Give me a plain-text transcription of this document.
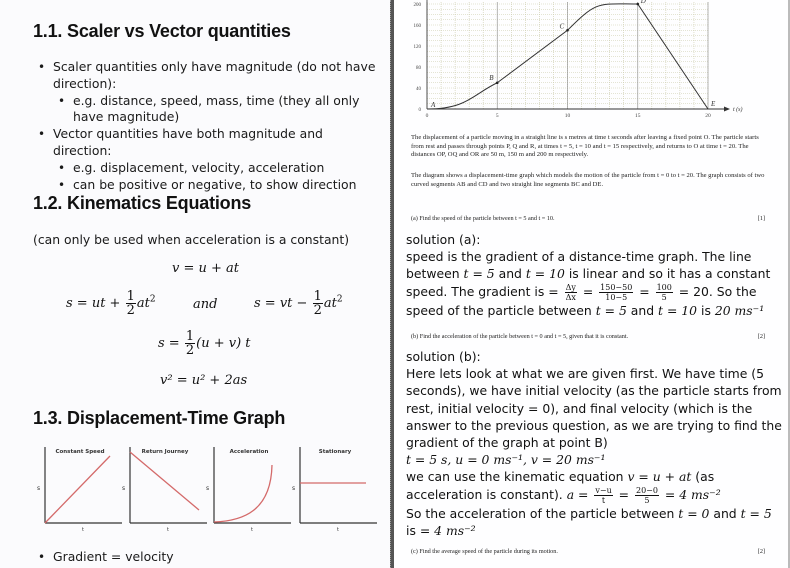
1.1. Scaler vs Vector quantities
• Scaler quantities only have magnitude (do not have direction):
• e.g. distance, speed, mass, time (they all only have magnitude)
• Vector quantities have both magnitude and direction:
• e.g. displacement, velocity, acceleration
• can be positive or negative, to show direction
1.2. Kinematics Equations
(can only be used when acceleration is a constant)
v = u + at
s = ut + $\frac{1}{2} at^2$	and	s = vt − $\frac{1}{2} at^2$
$s = \frac{1}{2} (u + v)$ t
v² = u² + 2as
1.3. Displacement-Time Graph
Constant Speed
s
t
Return Journey
s
t
Acceleration
s
t
Stationary
s
t
• Gradient = velocity
0
40
80
120
160
200
0	5	10	15	20
t (s)
A
B
C
D
E
The displacement of a particle moving in a straight line is s metres at time t seconds after leaving a fixed point O. The particle starts from rest and passes through points P, Q and R, at times t = 5, t = 10 and t = 15 respectively, and returns to O at time t = 20. The distances OP, OQ and OR are 50 m, 150 m and 200 m respectively.
The diagram shows a displacement-time graph which models the motion of the particle from t = 0 to t = 20. The graph consists of two curved segments AB and CD and two straight line segments BC and DE.
(a) Find the speed of the particle between t = 5 and t = 10.	[1]
solution (a):
speed is the gradient of a distance-time graph. The line
between t = 5 and t = 10 is linear and so it has a constant
speed. The gradient is = $\frac{\Delta y}{\Delta x} = \frac{150-50}{10-5} = \frac{100}{5} = 20$. So the
speed of the particle between t = 5 and t = 10 is 20 ms⁻¹
(b) Find the acceleration of the particle between t = 0 and t = 5, given that it is constant.	[2]
solution (b):
Here lets look at what we are given first. We have time (5 seconds), we have initial velocity (as the particle starts from rest, initial velocity = 0), and final velocity (which is the answer to the previous question, as we are trying to find the gradient of the graph at point B)
t = 5 s, u = 0 ms⁻¹, v = 20 ms⁻¹
we can use the kinematic equation v = u + at (as
acceleration is constant). $a = \frac{v-u}{t} = \frac{20-0}{5} = 4$ ms⁻²
So the acceleration of the particle between t = 0 and t = 5
is = 4 ms⁻²
(c) Find the average speed of the particle during its motion.	[2]
